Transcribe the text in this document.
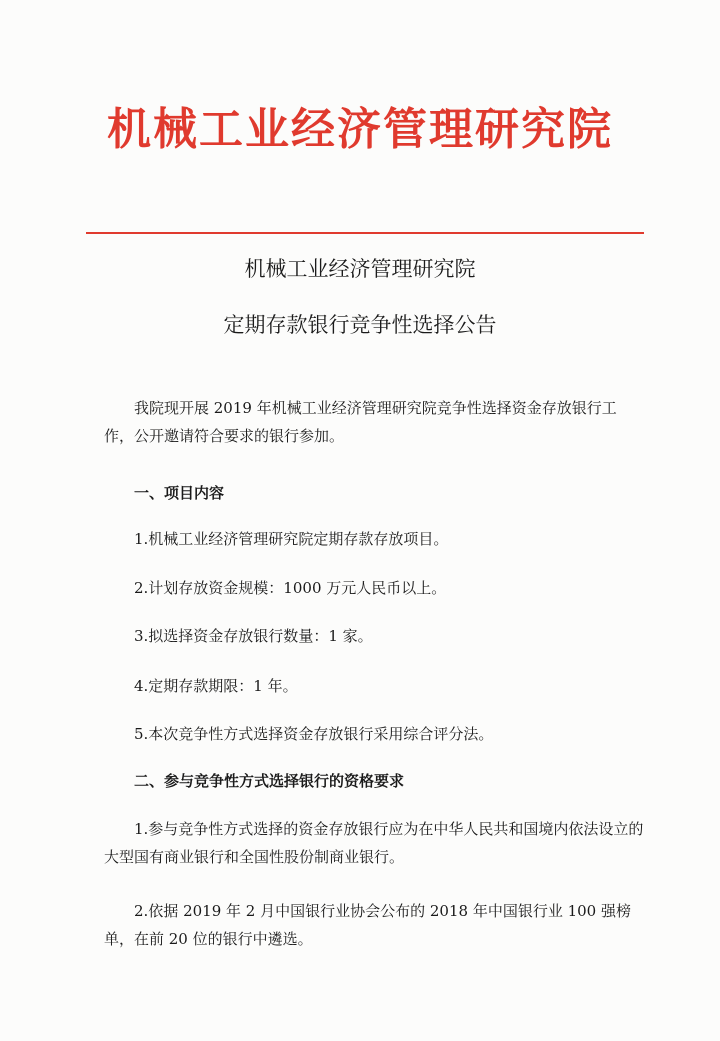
机械工业经济管理研究院
机械工业经济管理研究院
定期存款银行竞争性选择公告
我院现开展 2019 年机械工业经济管理研究院竞争性选择资金存放银行工作，公开邀请符合要求的银行参加。
一、项目内容
1.机械工业经济管理研究院定期存款存放项目。
2.计划存放资金规模：1000 万元人民币以上。
3.拟选择资金存放银行数量：1 家。
4.定期存款期限：1 年。
5.本次竞争性方式选择资金存放银行采用综合评分法。
二、参与竞争性方式选择银行的资格要求
1.参与竞争性方式选择的资金存放银行应为在中华人民共和国境内依法设立的大型国有商业银行和全国性股份制商业银行。
2.依据 2019 年 2 月中国银行业协会公布的 2018 年中国银行业 100 强榜单，在前 20 位的银行中遴选。
